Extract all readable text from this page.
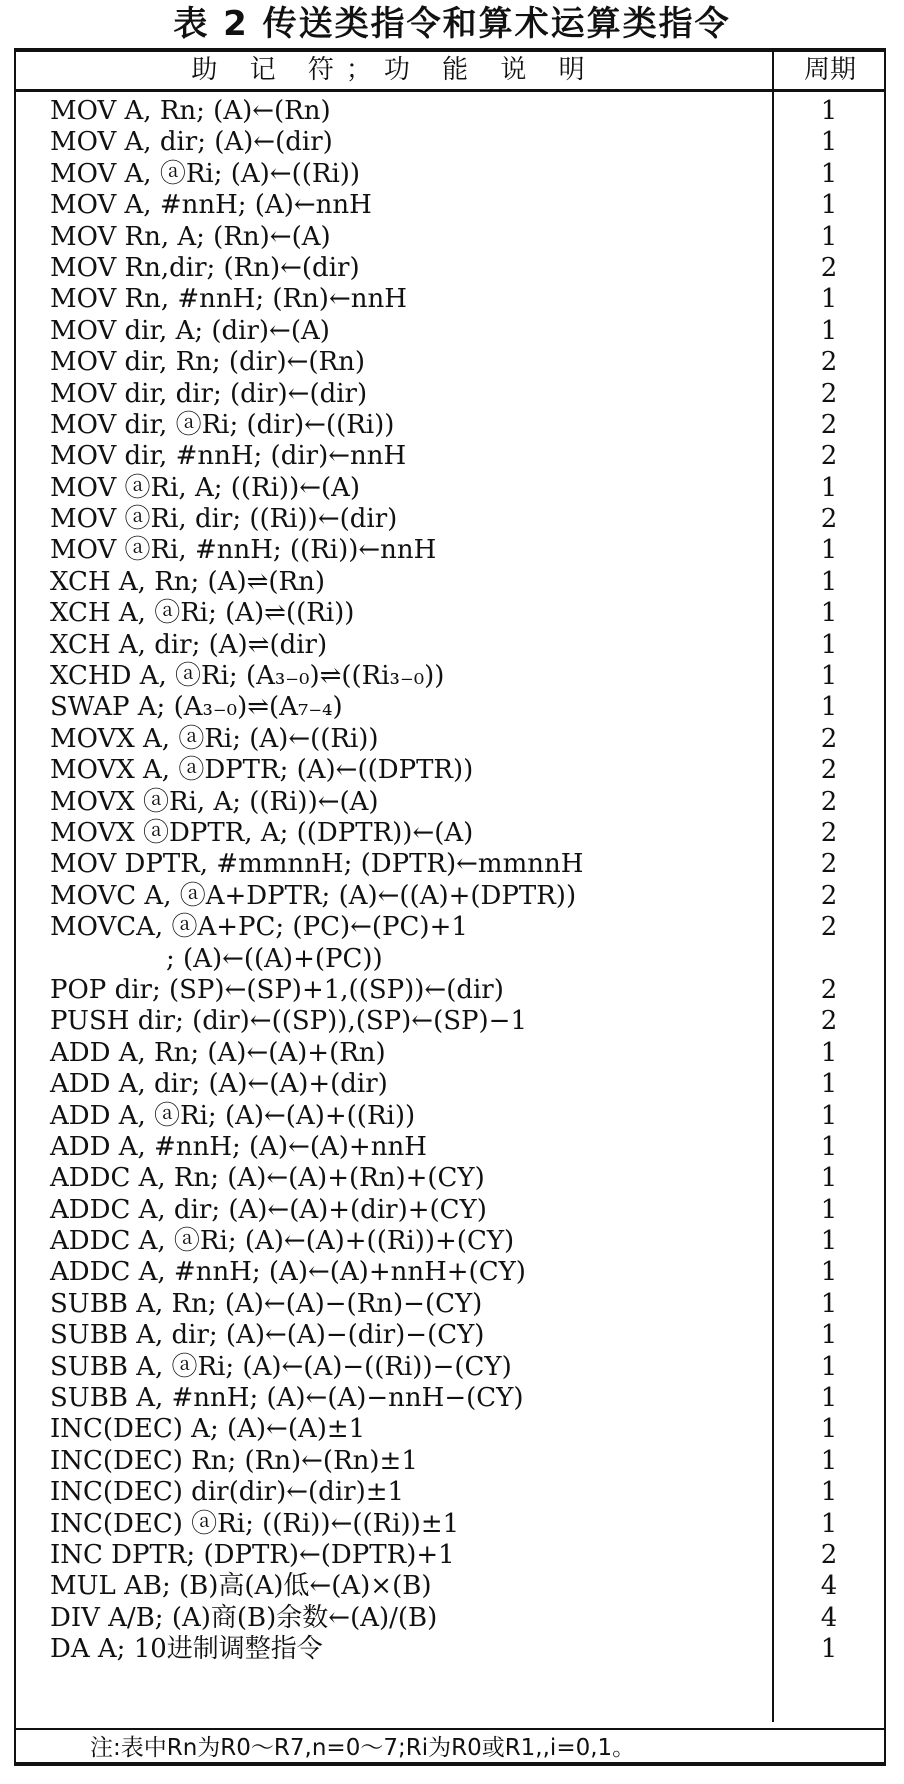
表 2 传送类指令和算术运算类指令
助 记 符；功 能 说 明	周期
MOV A, Rn; (A)←(Rn)	1
MOV A, dir; (A)←(dir)	1
MOV A, ⓐRi; (A)←((Ri))	1
MOV A, #nnH; (A)←nnH	1
MOV Rn, A; (Rn)←(A)	1
MOV Rn,dir; (Rn)←(dir)	2
MOV Rn, #nnH; (Rn)←nnH	1
MOV dir, A; (dir)←(A)	1
MOV dir, Rn; (dir)←(Rn)	2
MOV dir, dir; (dir)←(dir)	2
MOV dir, ⓐRi; (dir)←((Ri))	2
MOV dir, #nnH; (dir)←nnH	2
MOV ⓐRi, A; ((Ri))←(A)	1
MOV ⓐRi, dir; ((Ri))←(dir)	2
MOV ⓐRi, #nnH; ((Ri))←nnH	1
XCH A, Rn; (A)⇌(Rn)	1
XCH A, ⓐRi; (A)⇌((Ri))	1
XCH A, dir; (A)⇌(dir)	1
XCHD A, ⓐRi; (A₃₋₀)⇌((Ri₃₋₀))	1
SWAP A; (A₃₋₀)⇌(A₇₋₄)	1
MOVX A, ⓐRi; (A)←((Ri))	2
MOVX A, ⓐDPTR; (A)←((DPTR))	2
MOVX ⓐRi, A; ((Ri))←(A)	2
MOVX ⓐDPTR, A; ((DPTR))←(A)	2
MOV DPTR, #mmnnH; (DPTR)←mmnnH	2
MOVC A, ⓐA+DPTR; (A)←((A)+(DPTR))	2
MOVCA, ⓐA+PC; (PC)←(PC)+1	2
; (A)←((A)+(PC))
POP dir; (SP)←(SP)+1,((SP))←(dir)	2
PUSH dir; (dir)←((SP)),(SP)←(SP)−1	2
ADD A, Rn; (A)←(A)+(Rn)	1
ADD A, dir; (A)←(A)+(dir)	1
ADD A, ⓐRi; (A)←(A)+((Ri))	1
ADD A, #nnH; (A)←(A)+nnH	1
ADDC A, Rn; (A)←(A)+(Rn)+(CY)	1
ADDC A, dir; (A)←(A)+(dir)+(CY)	1
ADDC A, ⓐRi; (A)←(A)+((Ri))+(CY)	1
ADDC A, #nnH; (A)←(A)+nnH+(CY)	1
SUBB A, Rn; (A)←(A)−(Rn)−(CY)	1
SUBB A, dir; (A)←(A)−(dir)−(CY)	1
SUBB A, ⓐRi; (A)←(A)−((Ri))−(CY)	1
SUBB A, #nnH; (A)←(A)−nnH−(CY)	1
INC(DEC) A; (A)←(A)±1	1
INC(DEC) Rn; (Rn)←(Rn)±1	1
INC(DEC) dir(dir)←(dir)±1	1
INC(DEC) ⓐRi; ((Ri))←((Ri))±1	1
INC DPTR; (DPTR)←(DPTR)+1	2
MUL AB; (B)高(A)低←(A)×(B)	4
DIV A/B; (A)商(B)余数←(A)/(B)	4
DA A; 10进制调整指令	1
注:表中Rn为R0～R7,n=0～7;Ri为R0或R1,,i=0,1。
